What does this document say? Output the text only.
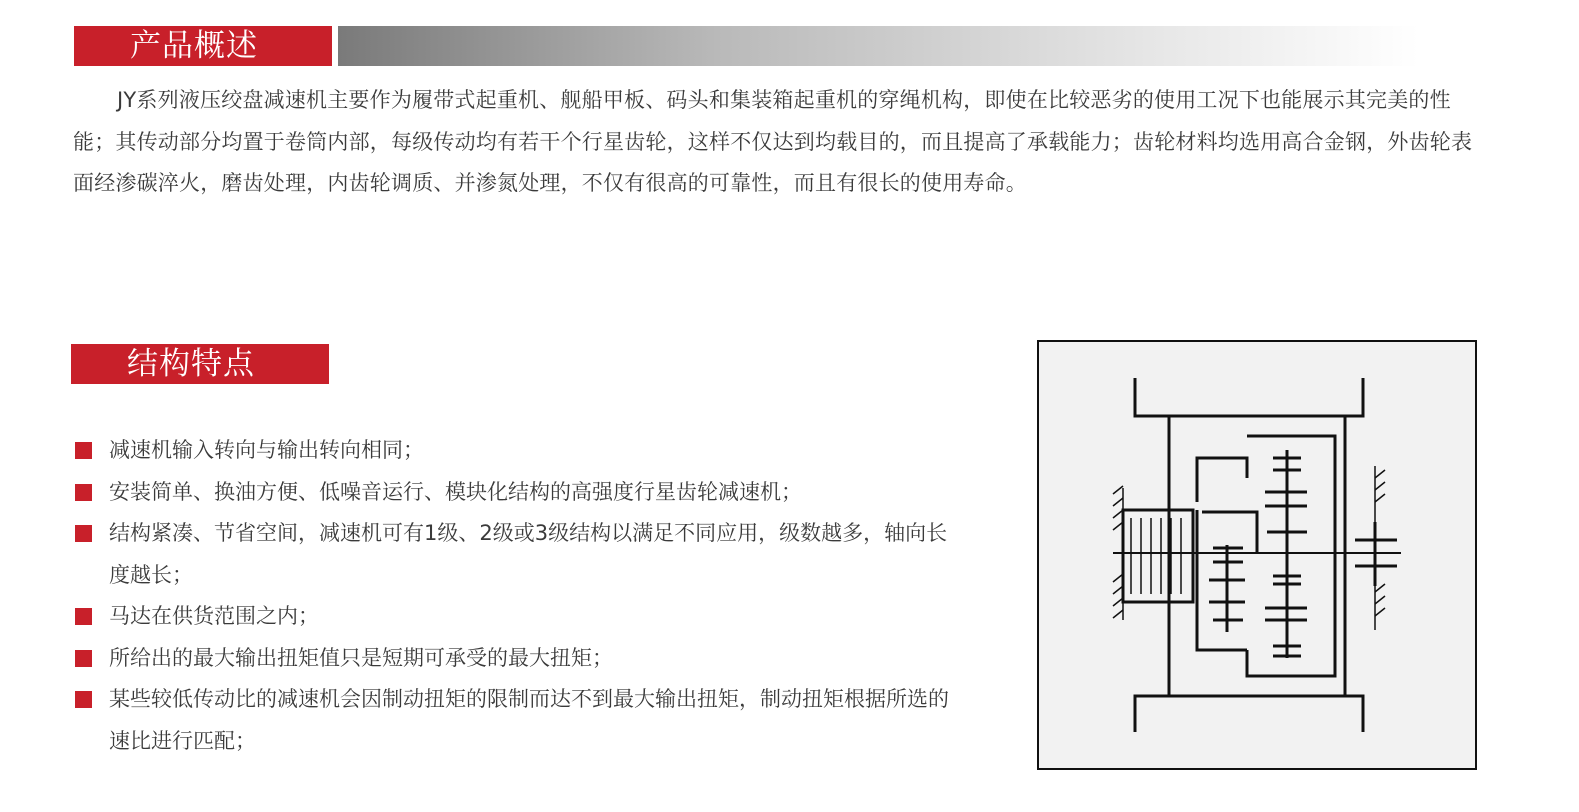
产品概述

JY系列液压绞盘减速机主要作为履带式起重机、舰船甲板、码头和集装箱起重机的穿绳机构，即使在比较恶劣的使用工况下也能展示其完美的性能；其传动部分均置于卷筒内部，每级传动均有若干个行星齿轮，这样不仅达到均载目的，而且提高了承载能力；齿轮材料均选用高合金钢，外齿轮表面经渗碳淬火，磨齿处理，内齿轮调质、并渗氮处理，不仅有很高的可靠性，而且有很长的使用寿命。

结构特点
减速机输入转向与输出转向相同；
安装简单、换油方便、低噪音运行、模块化结构的高强度行星齿轮减速机；
结构紧凑、节省空间，减速机可有1级、2级或3级结构以满足不同应用，级数越多，轴向长度越长；
马达在供货范围之内；
所给出的最大输出扭矩值只是短期可承受的最大扭矩；
某些较低传动比的减速机会因制动扭矩的限制而达不到最大输出扭矩，制动扭矩根据所选的速比进行匹配；
